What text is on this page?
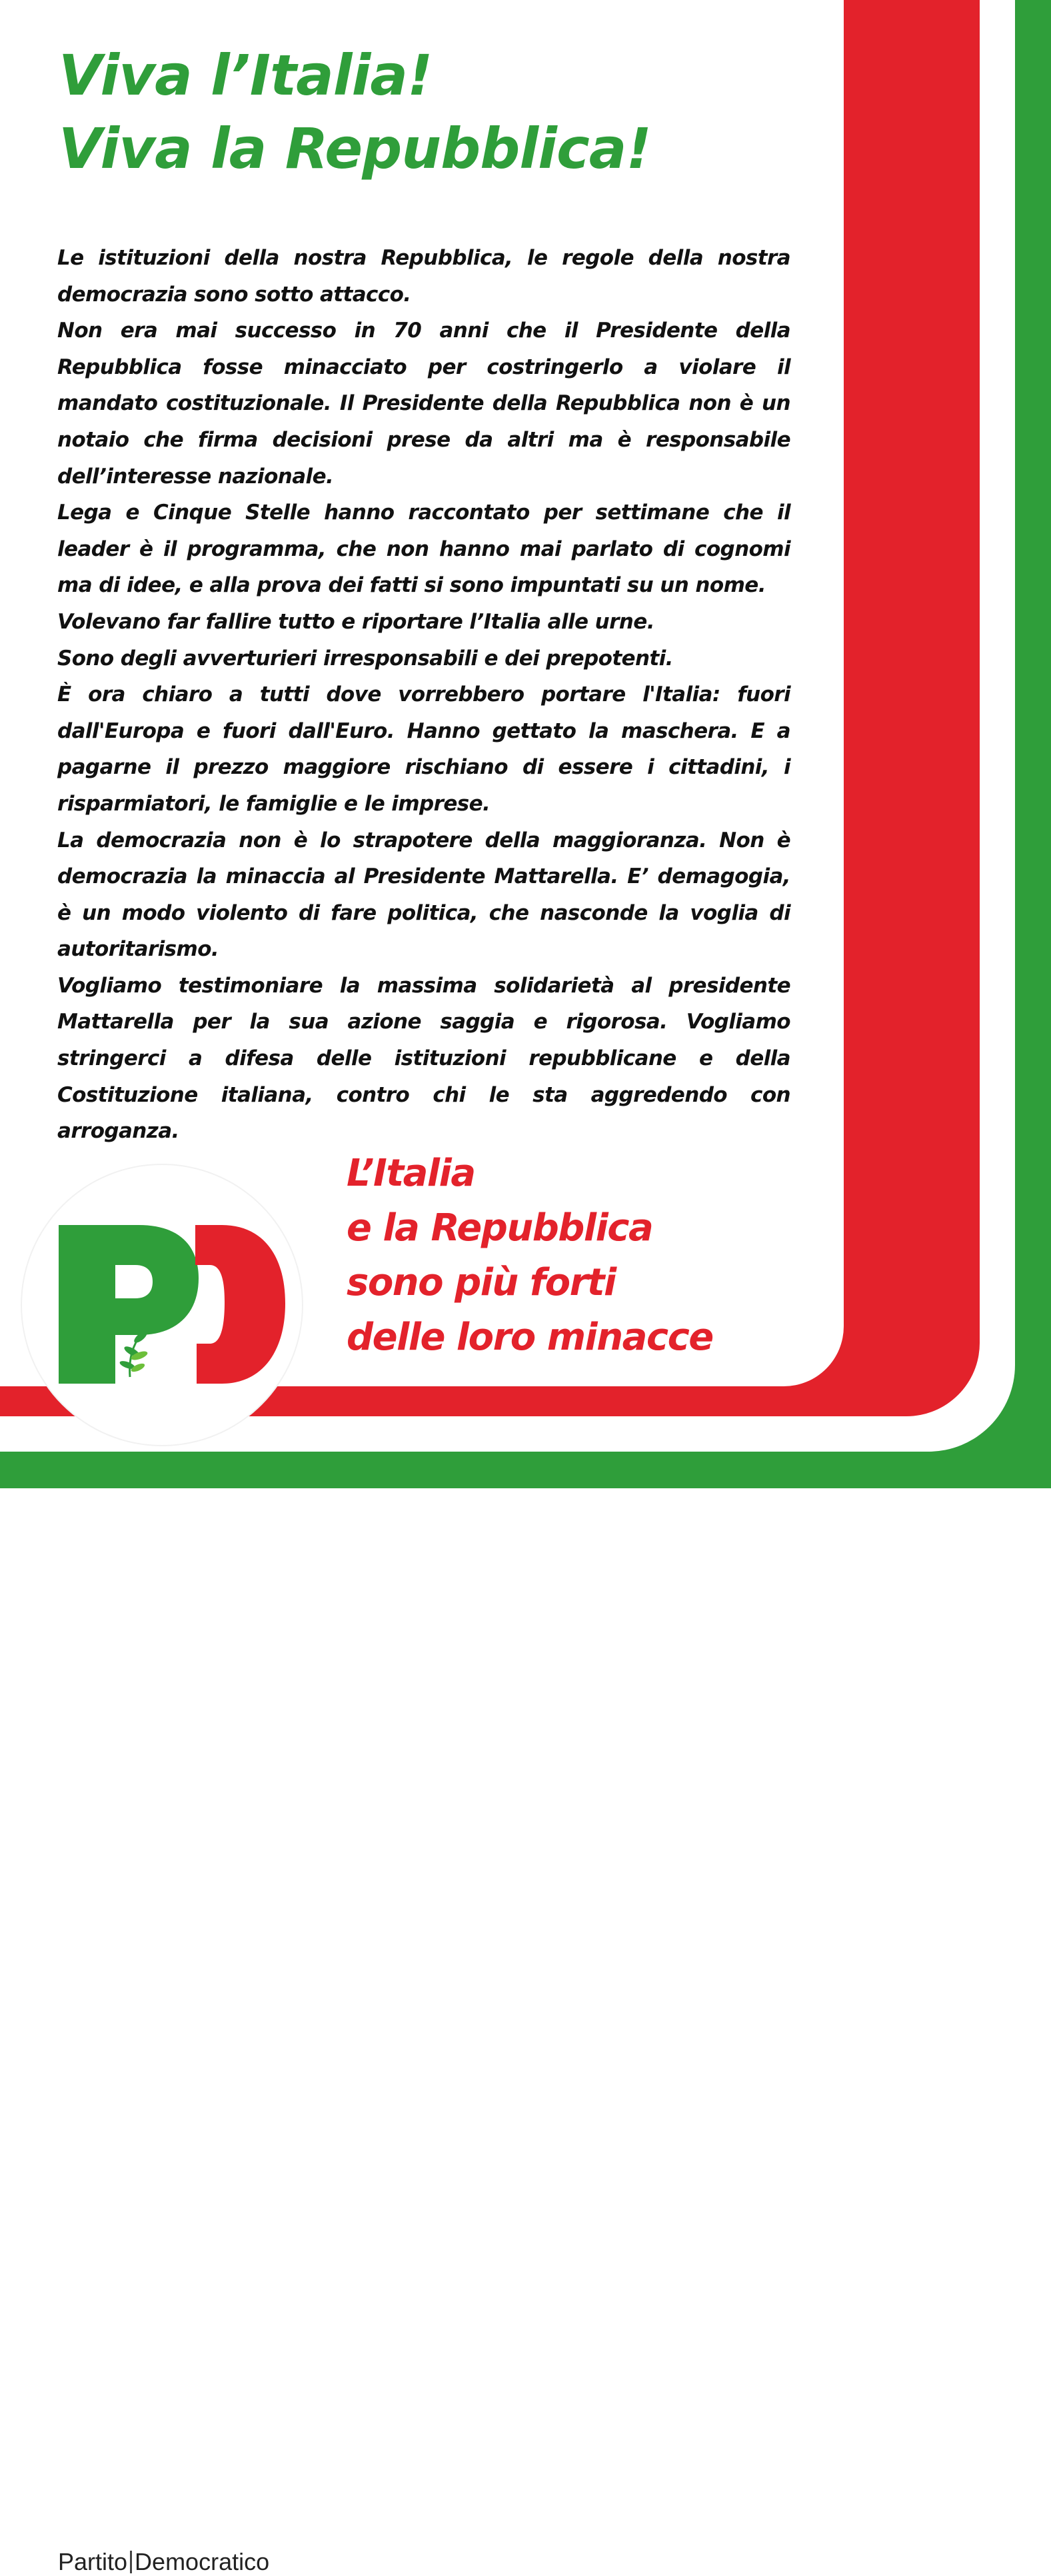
Viva l’Italia!
Viva la Repubblica!

Le istituzioni della nostra Repubblica, le regole della nostra democrazia sono sotto attacco.

Non era mai successo in 70 anni che il Presidente della Repubblica fosse minacciato per costringerlo a violare il mandato costituzionale. Il Presidente della Repubblica non è un notaio che firma decisioni prese da altri ma è responsabile dell’interesse nazionale.

Lega e Cinque Stelle hanno raccontato per settimane che il leader è il programma, che non hanno mai parlato di cognomi ma di idee, e alla prova dei fatti si sono impuntati su un nome.

Volevano far fallire tutto e riportare l’Italia alle urne.

Sono degli avverturieri irresponsabili e dei prepotenti.

È ora chiaro a tutti dove vorrebbero portare l'Italia: fuori dall'Europa e fuori dall'Euro. Hanno gettato la maschera. E a pagarne il prezzo maggiore rischiano di essere i cittadini, i risparmiatori, le famiglie e le imprese.

La democrazia non è lo strapotere della maggioranza. Non è democrazia la minaccia al Presidente Mattarella. E’ demagogia, è un modo violento di fare politica, che nasconde la voglia di autoritarismo.

Vogliamo testimoniare la massima solidarietà al presidente Mattarella per la sua azione saggia e rigorosa. Vogliamo stringerci a difesa delle istituzioni repubblicane e della Costituzione italiana, contro chi le sta aggredendo con arroganza.

Partito Democratico
L’Italia
e la Repubblica
sono più forti
delle loro minacce
